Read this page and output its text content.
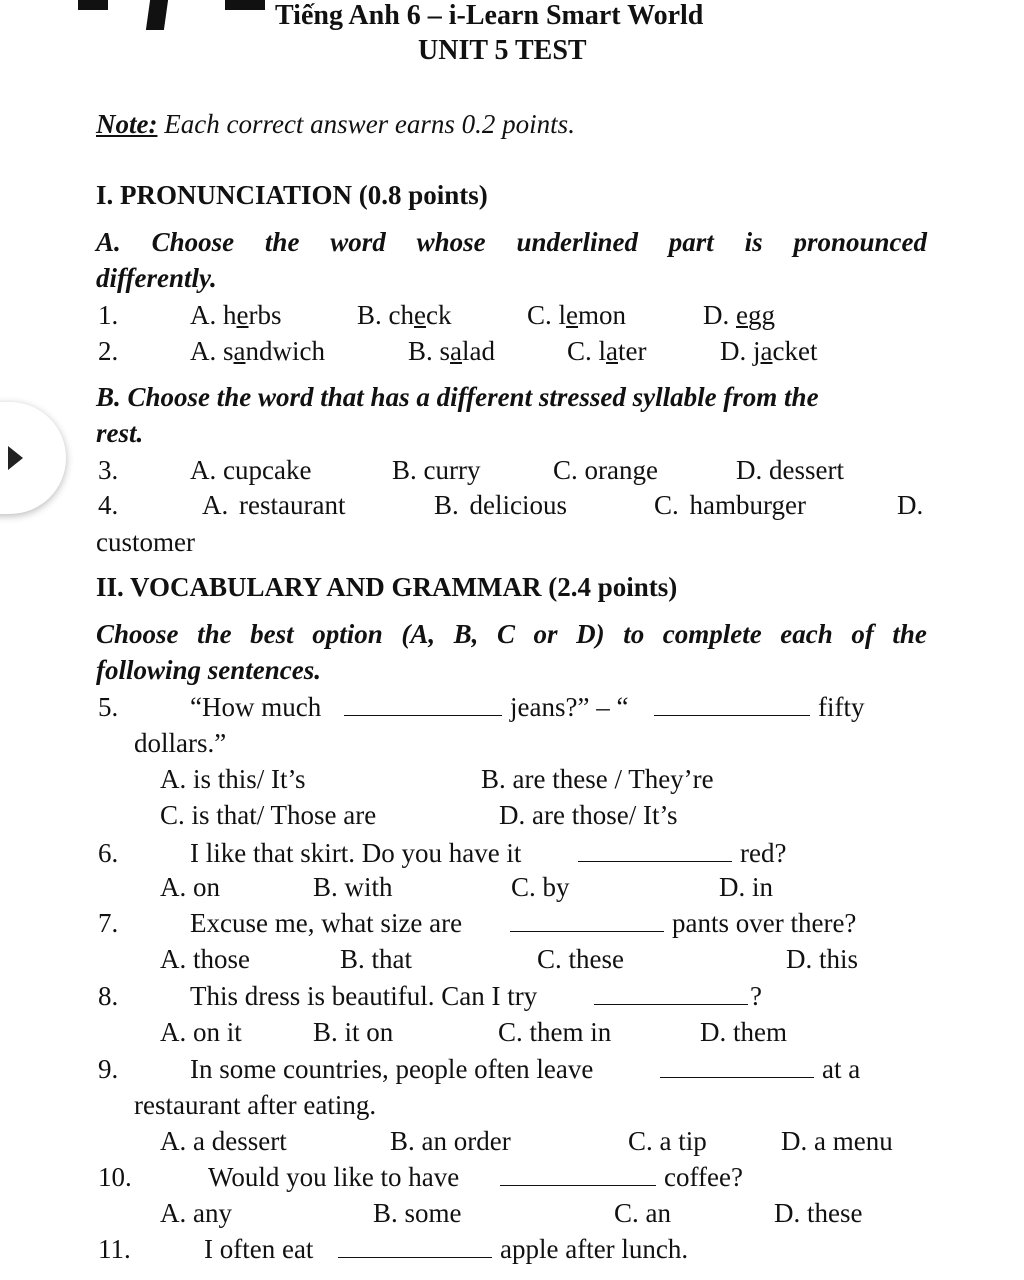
Tiếng Anh 6 – i-Learn Smart World
UNIT 5 TEST
Note: Each correct answer earns 0.2 points.
I. PRONUNCIATION (0.8 points)
A. Choose the word whose underlined part is pronounced
differently.
1.	A. herbs	B. check	C. lemon	D. egg
2.	A. sandwich	B. salad	C. later	D. jacket
B. Choose the word that has a different stressed syllable from the
rest.
3.	A. cupcake	B. curry	C. orange	D. dessert
4.	A. restaurant	B. delicious	C. hamburger	D.
customer
II. VOCABULARY AND GRAMMAR (2.4 points)
Choose the best option (A, B, C or D) to complete each of the
following sentences.
5.	“How much	jeans?” – “	fifty
dollars.”
A. is this/ It’s	B. are these / They’re
C. is that/ Those are	D. are those/ It’s
6.	I like that skirt. Do you have it	red?
A. on	B. with	C. by	D. in
7.	Excuse me, what size are	pants over there?
A. those	B. that	C. these	D. this
8.	This dress is beautiful. Can I try	?
A. on it	B. it on	C. them in	D. them
9.	In some countries, people often leave	at a
restaurant after eating.
A. a dessert	B. an order	C. a tip	D. a menu
10.	Would you like to have	coffee?
A. any	B. some	C. an	D. these
11.	I often eat	apple after lunch.
